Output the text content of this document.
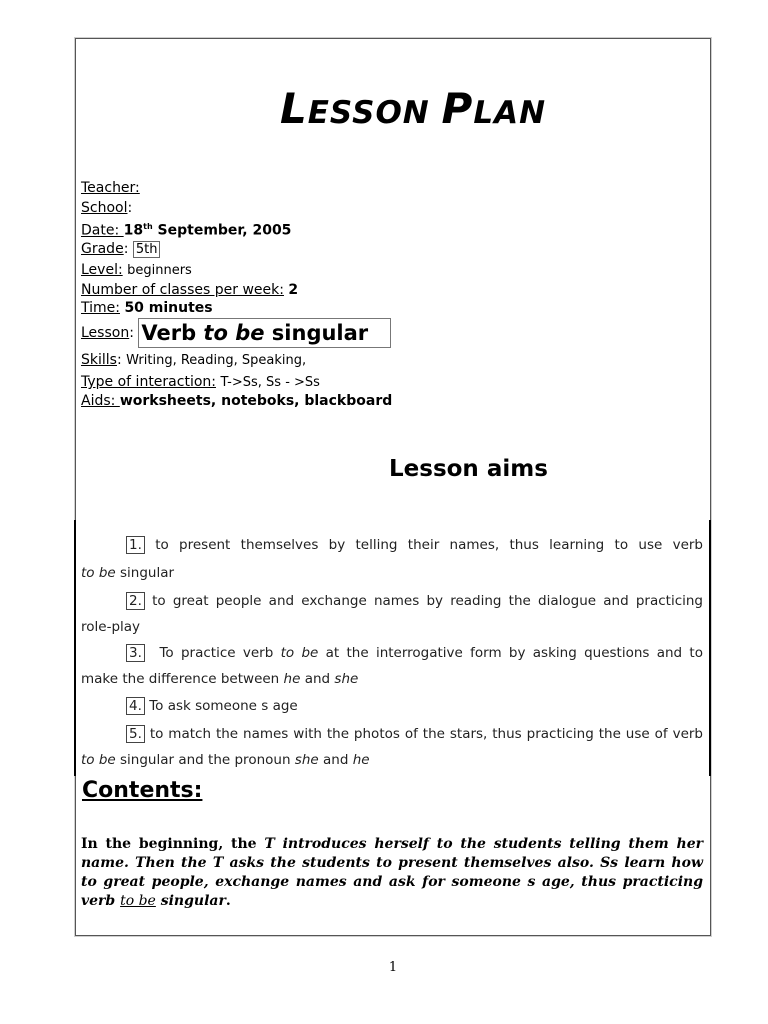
LESSON PLAN
Teacher:
School:
Date: 18th September, 2005
Grade: 5th
Level: beginners
Number of classes per week: 2
Time: 50 minutes
Lesson: Verb to be singular
Skills: Writing, Reading, Speaking,
Type of interaction: T->Ss, Ss - >Ss
Aids: worksheets, noteboks, blackboard
Lesson aims
1. to present themselves by telling their names, thus learning to use verb
to be singular
2. to great people and exchange names by reading the dialogue and practicing
role-play
3. To practice verb to be at the interrogative form by asking questions and to
make the difference between he and she
4. To ask someone s age
5. to match the names with the photos of the stars, thus practicing the use of verb
to be singular and the pronoun she and he
Contents:
In the beginning, the T introduces herself to the students telling them her name. Then the T asks the students to present themselves also. Ss learn how to great people, exchange names and ask for someone s age, thus practicing verb to be singular.
1
